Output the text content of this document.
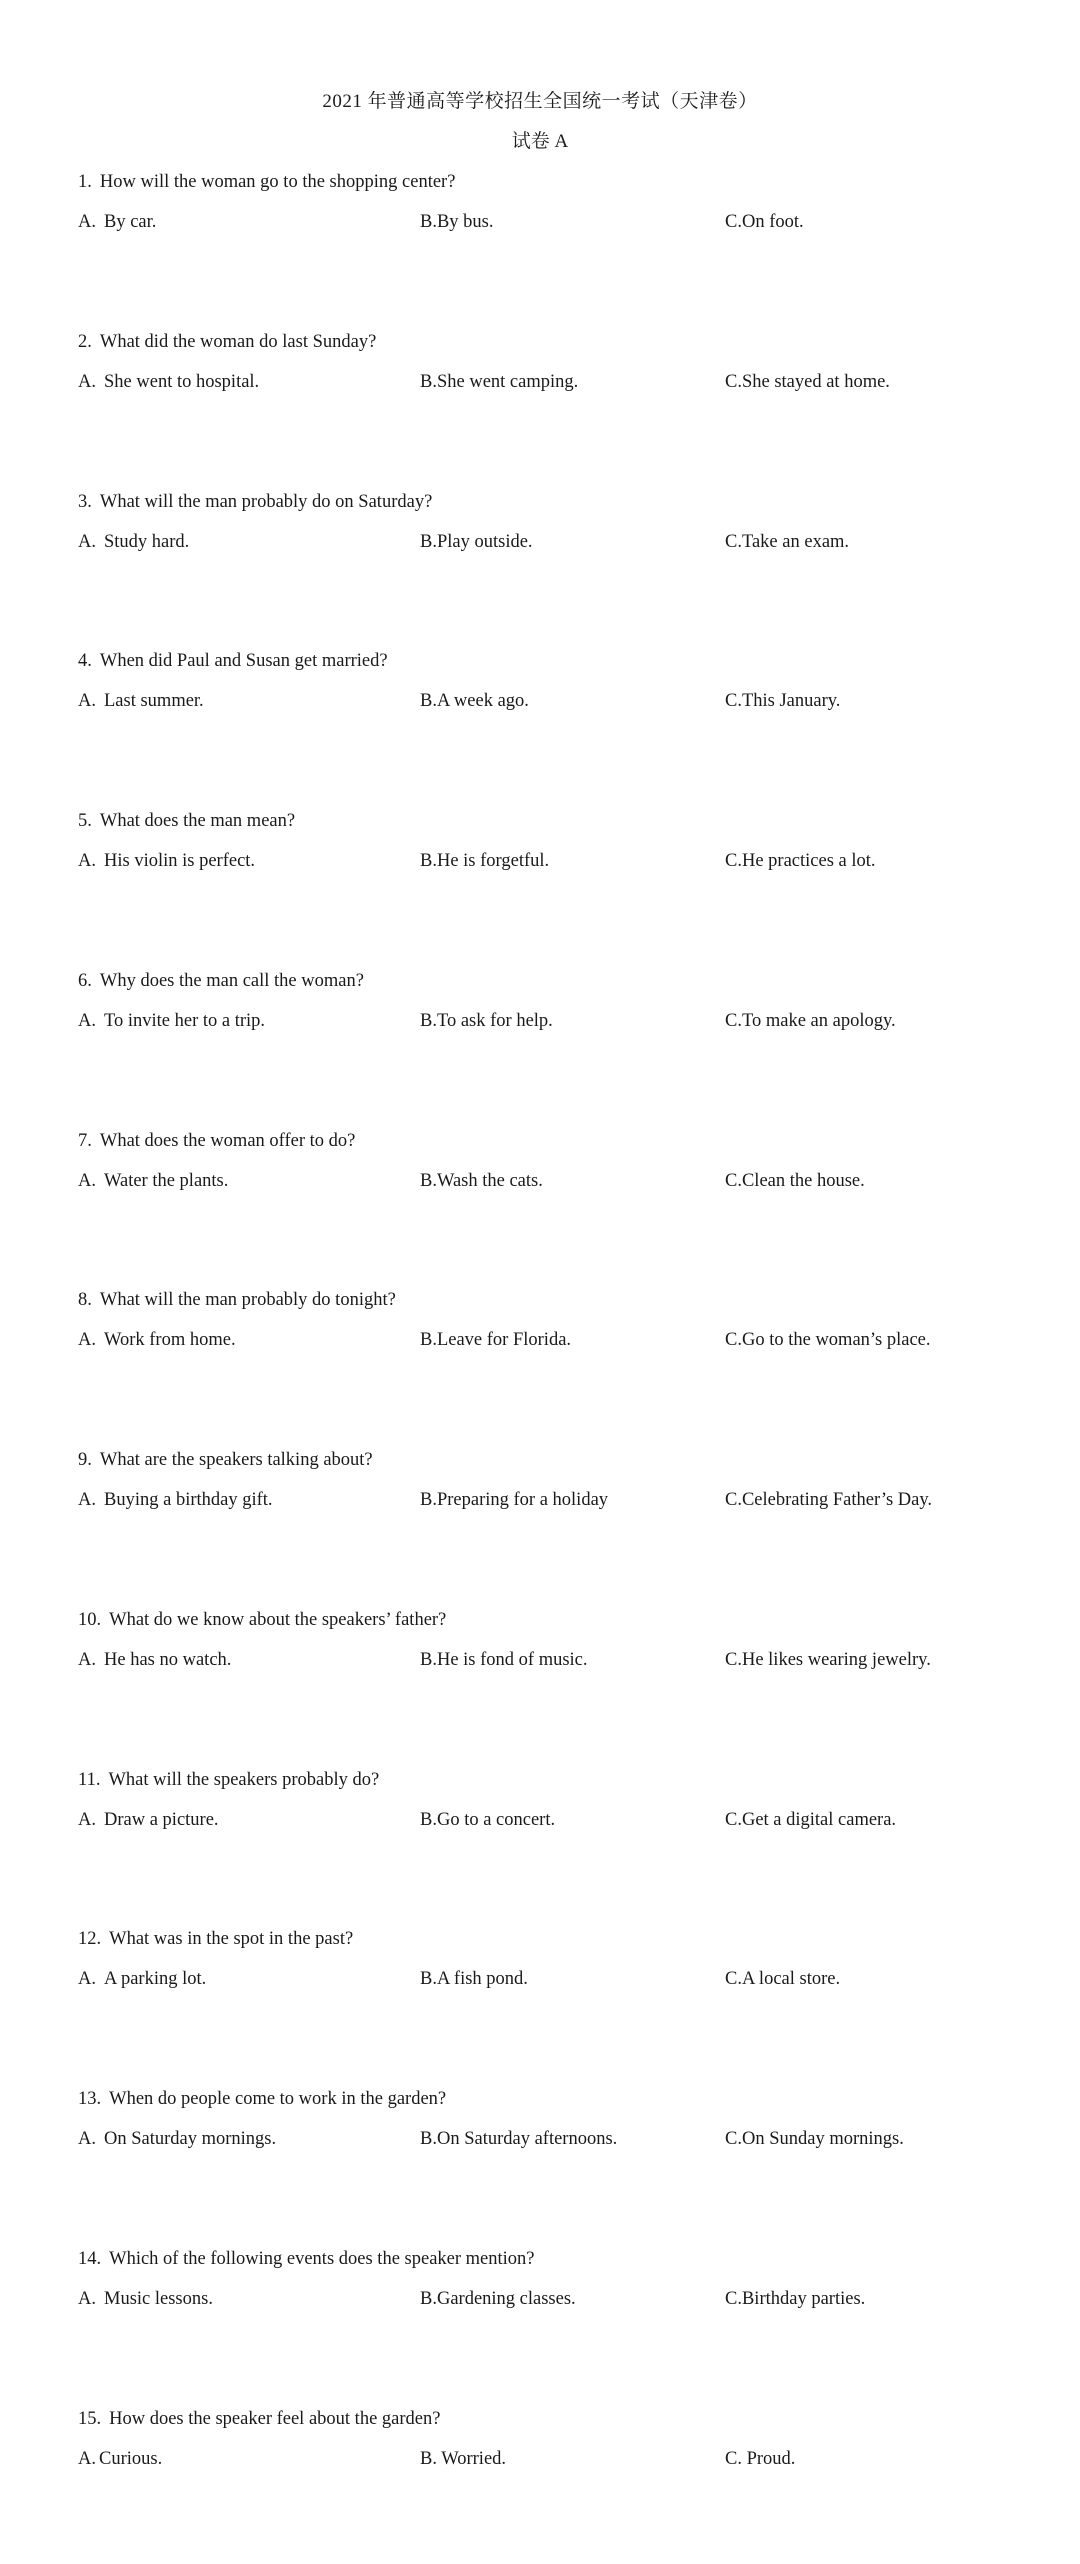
2021 年普通高等学校招生全国统一考试（天津卷）
试卷 A
1. How will the woman go to the shopping center?
A. By car.	B.By bus.	C.On foot.
2. What did the woman do last Sunday?
A. She went to hospital.	B.She went camping.	C.She stayed at home.
3. What will the man probably do on Saturday?
A. Study hard.	B.Play outside.	C.Take an exam.
4. When did Paul and Susan get married?
A. Last summer.	B.A week ago.	C.This January.
5. What does the man mean?
A. His violin is perfect.	B.He is forgetful.	C.He practices a lot.
6. Why does the man call the woman?
A. To invite her to a trip.	B.To ask for help.	C.To make an apology.
7. What does the woman offer to do?
A. Water the plants.	B.Wash the cats.	C.Clean the house.
8. What will the man probably do tonight?
A. Work from home.	B.Leave for Florida.	C.Go to the woman’s place.
9. What are the speakers talking about?
A. Buying a birthday gift.	B.Preparing for a holiday	C.Celebrating Father’s Day.
10. What do we know about the speakers’ father?
A. He has no watch.	B.He is fond of music.	C.He likes wearing jewelry.
11. What will the speakers probably do?
A. Draw a picture.	B.Go to a concert.	C.Get a digital camera.
12. What was in the spot in the past?
A. A parking lot.	B.A fish pond.	C.A local store.
13. When do people come to work in the garden?
A. On Saturday mornings.	B.On Saturday afternoons.	C.On Sunday mornings.
14. Which of the following events does the speaker mention?
A. Music lessons.	B.Gardening classes.	C.Birthday parties.
15. How does the speaker feel about the garden?
A. Curious.	B. Worried.	C. Proud.
